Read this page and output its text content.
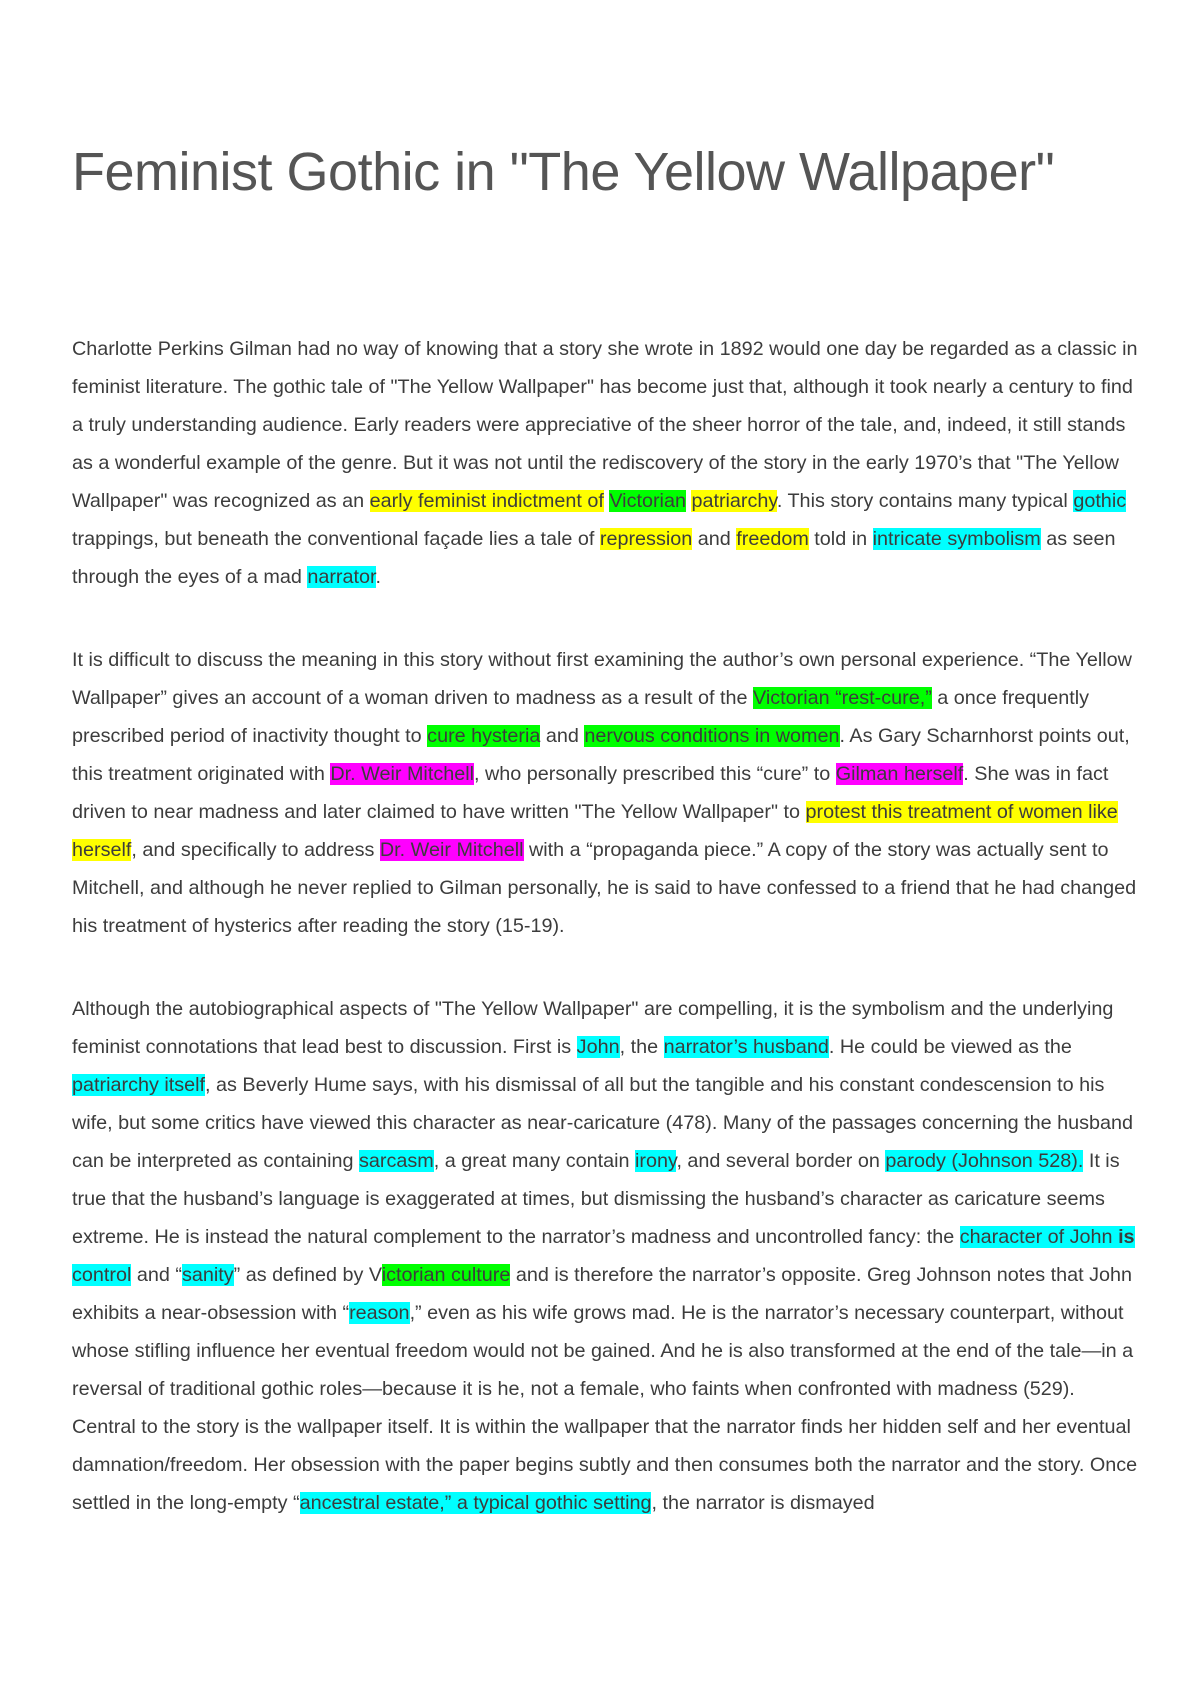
Feminist Gothic in "The Yellow Wallpaper"

Charlotte Perkins Gilman had no way of knowing that a story she wrote in 1892 would one day be regarded as a classic in feminist literature. The gothic tale of "The Yellow Wallpaper" has become just that, although it took nearly a century to find a truly understanding audience. Early readers were appreciative of the sheer horror of the tale, and, indeed, it still stands as a wonderful example of the genre. But it was not until the rediscovery of the story in the early 1970’s that "The Yellow Wallpaper" was recognized as an early feminist indictment of Victorian patriarchy. This story contains many typical gothic trappings, but beneath the conventional façade lies a tale of repression and freedom told in intricate symbolism as seen through the eyes of a mad narrator.

It is difficult to discuss the meaning in this story without first examining the author’s own personal experience. “The Yellow Wallpaper” gives an account of a woman driven to madness as a result of the Victorian “rest-cure,” a once frequently prescribed period of inactivity thought to cure hysteria and nervous conditions in women. As Gary Scharnhorst points out, this treatment originated with Dr. Weir Mitchell, who personally prescribed this “cure” to Gilman herself. She was in fact driven to near madness and later claimed to have written "The Yellow Wallpaper" to protest this treatment of women like herself, and specifically to address Dr. Weir Mitchell with a “propaganda piece.” A copy of the story was actually sent to Mitchell, and although he never replied to Gilman personally, he is said to have confessed to a friend that he had changed his treatment of hysterics after reading the story (15-19).

Although the autobiographical aspects of "The Yellow Wallpaper" are compelling, it is the symbolism and the underlying feminist connotations that lead best to discussion. First is John, the narrator’s husband. He could be viewed as the patriarchy itself, as Beverly Hume says, with his dismissal of all but the tangible and his constant condescension to his wife, but some critics have viewed this character as near-caricature (478). Many of the passages concerning the husband can be interpreted as containing sarcasm, a great many contain irony, and several border on parody (Johnson 528). It is true that the husband’s language is exaggerated at times, but dismissing the husband’s character as caricature seems extreme. He is instead the natural complement to the narrator’s madness and uncontrolled fancy: the character of John is control and “sanity” as defined by Victorian culture and is therefore the narrator’s opposite. Greg Johnson notes that John exhibits a near-obsession with “reason,” even as his wife grows mad. He is the narrator’s necessary counterpart, without whose stifling influence her eventual freedom would not be gained. And he is also transformed at the end of the tale—in a reversal of traditional gothic roles—because it is he, not a female, who faints when confronted with madness (529).

Central to the story is the wallpaper itself. It is within the wallpaper that the narrator finds her hidden self and her eventual damnation/freedom. Her obsession with the paper begins subtly and then consumes both the narrator and the story. Once settled in the long-empty “ancestral estate,” a typical gothic setting, the narrator is dismayed
